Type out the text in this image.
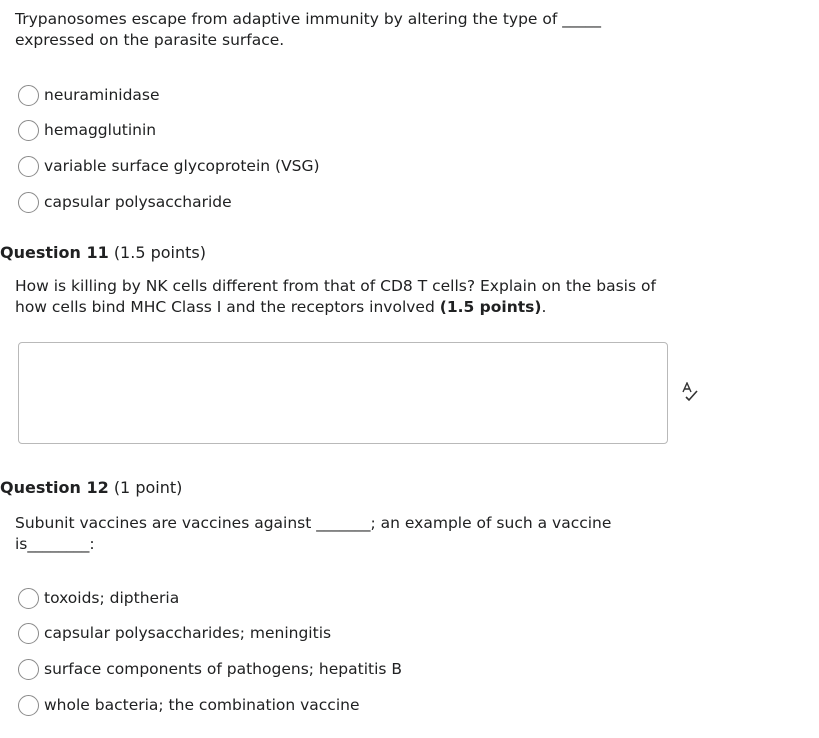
Trypanosomes escape from adaptive immunity by altering the type of _____
expressed on the parasite surface.
neuraminidase
hemagglutinin
variable surface glycoprotein (VSG)
capsular polysaccharide
Question 11 (1.5 points)
How is killing by NK cells different from that of CD8 T cells? Explain on the basis of
how cells bind MHC Class I and the receptors involved (1.5 points).
Question 12 (1 point)
Subunit vaccines are vaccines against _______; an example of such a vaccine
is________:
toxoids; diptheria
capsular polysaccharides; meningitis
surface components of pathogens; hepatitis B
whole bacteria; the combination vaccine
